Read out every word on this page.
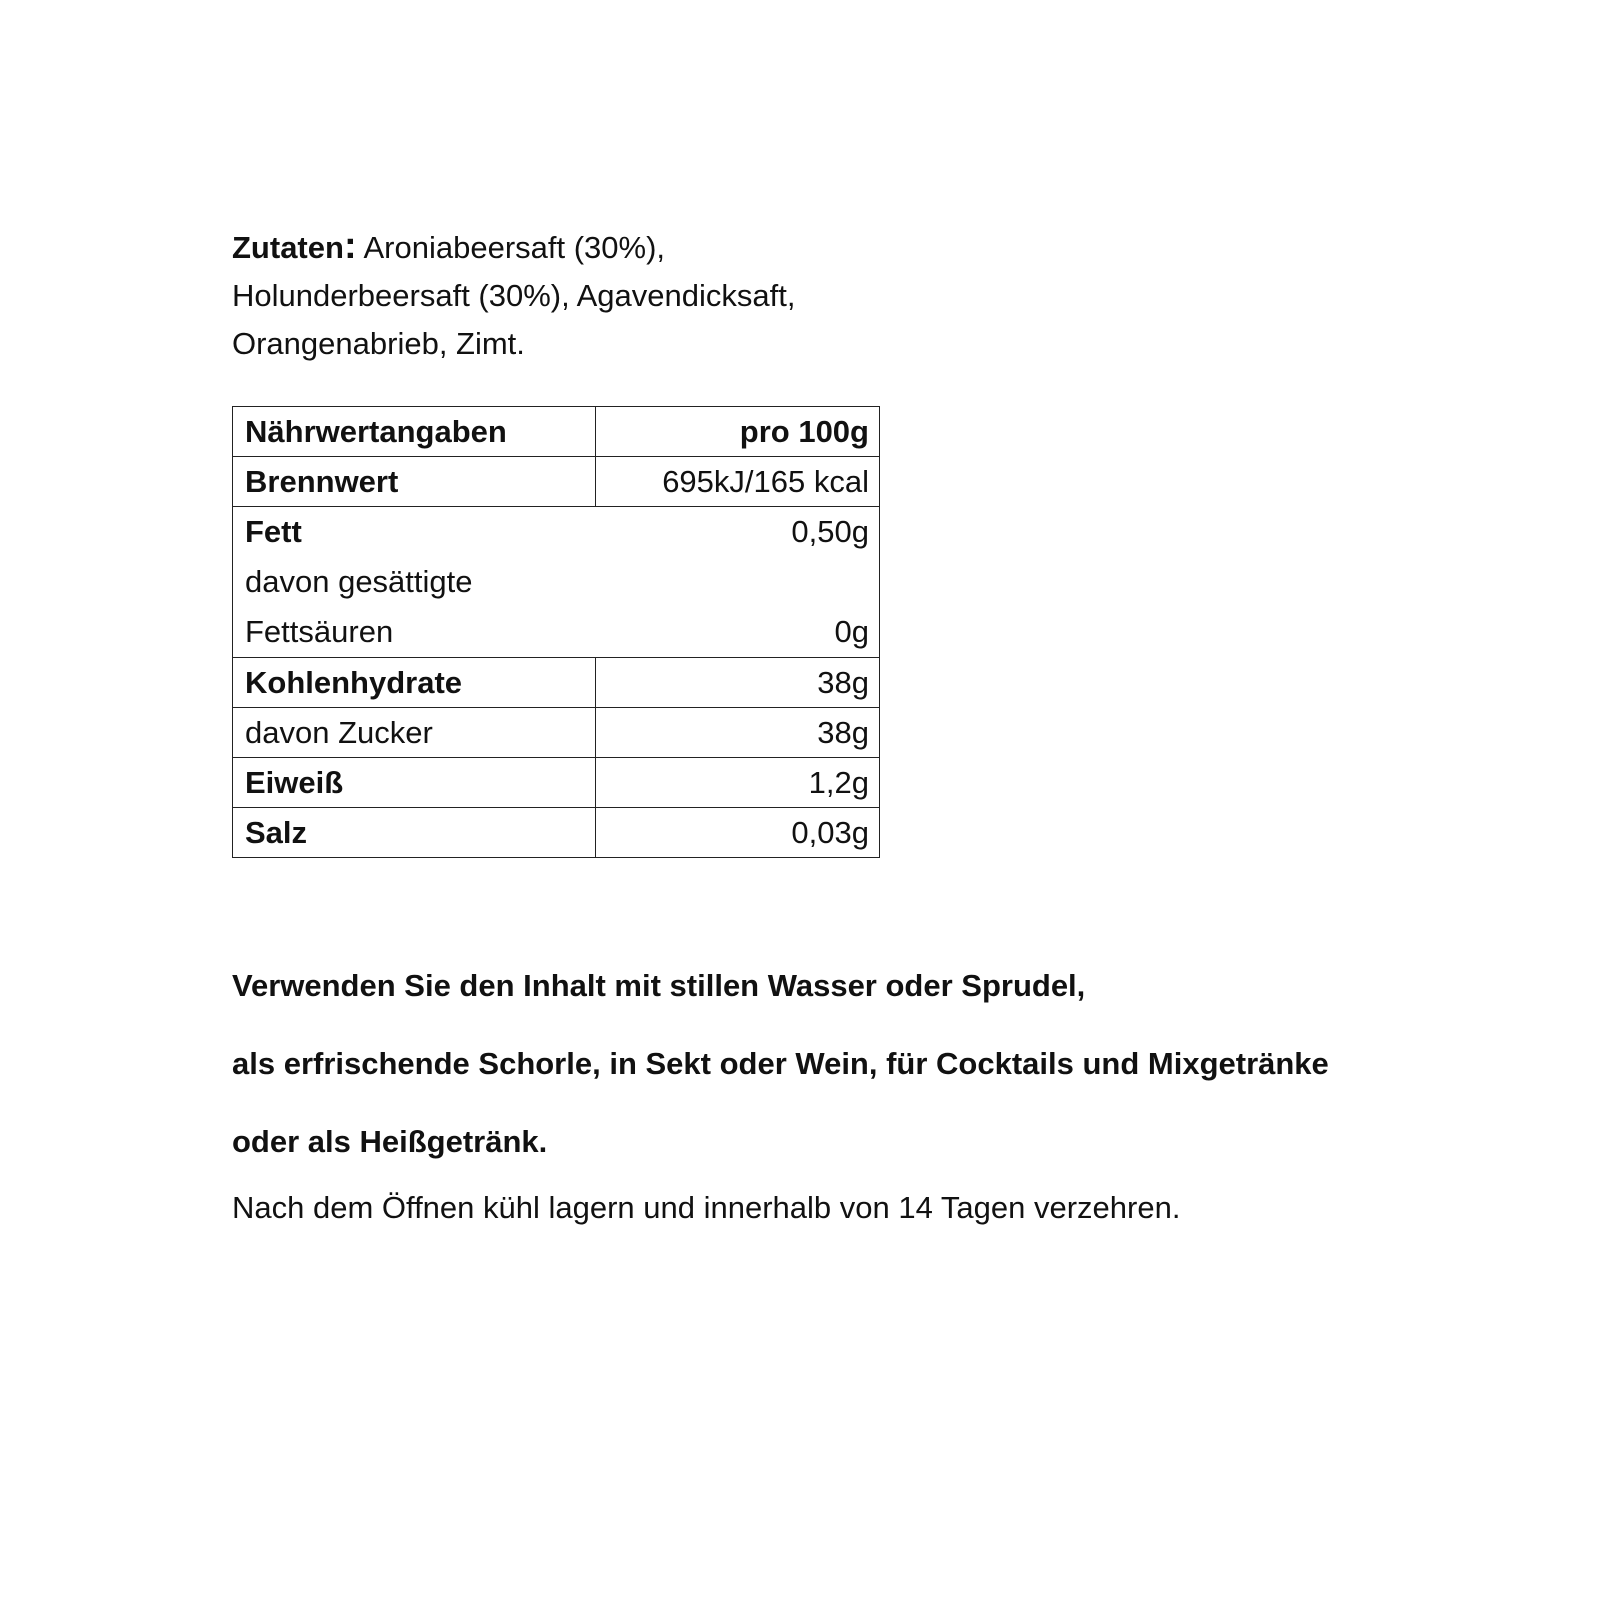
Zutaten: Aroniabeersaft (30%),
Holunderbeersaft (30%), Agavendicksaft,
Orangenabrieb, Zimt.
Nährwertangaben	pro 100g
Brennwert	695kJ/165 kcal

Fett 0,50g
davon gesättigte
Fettsäuren 0g	

Kohlenhydrate	38g
davon Zucker	38g
Eiweiß	1,2g
Salz	0,03g
Verwenden Sie den Inhalt mit stillen Wasser oder Sprudel,
als erfrischende Schorle, in Sekt oder Wein, für Cocktails und Mixgetränke
oder als Heißgetränk.
Nach dem Öffnen kühl lagern und innerhalb von 14 Tagen verzehren.
